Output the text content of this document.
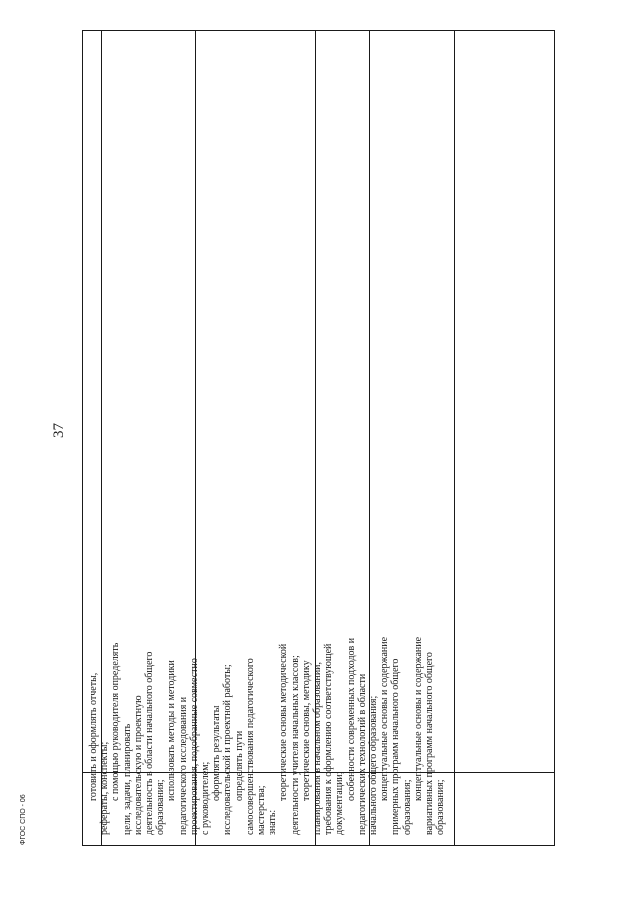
37
ФГОС СПО - 06
готовить и оформлять отчеты, рефераты, конспекты; с помощью руководителя определять цели, задачи, планировать исследовательскую и проектную деятельность в области начального общего образования;
использовать методы и методики педагогического исследования и проектирования, подобранные совместно с руководителем; оформлять результаты исследовательской и проектной работы; определять пути самосовершенствования педагогического мастерства; знать:
теоретические основы методической деятельности учителя начальных классов; теоретические основы, методику планирования в начальном образовании, требования к оформлению соответствующей документации;
особенности современных подходов и педагогических технологий в области начального общего образования; концептуальные основы и содержание примерных программ начального общего образования;
концептуальные основы и содержание вариативных программ начального общего образования;
